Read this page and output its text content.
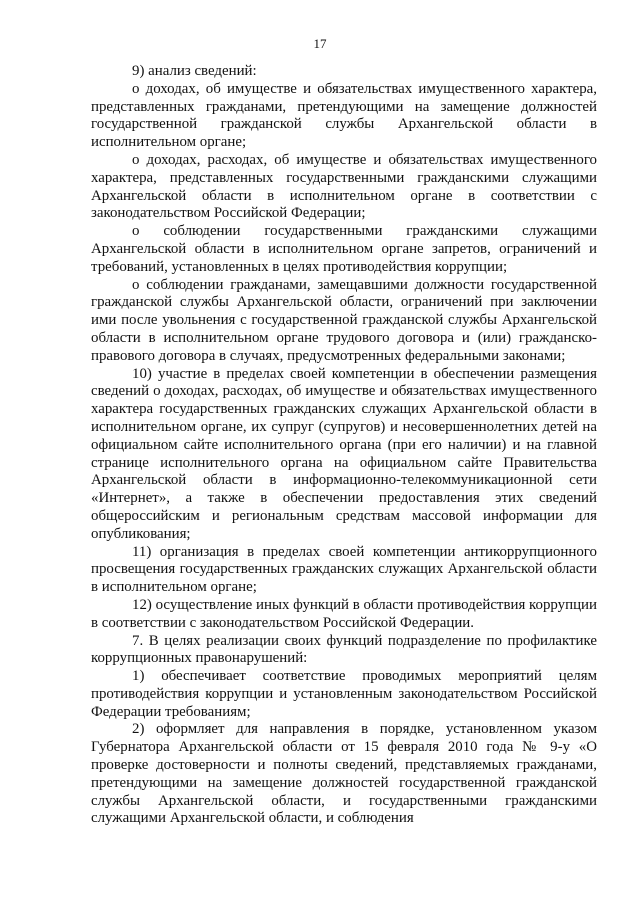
17

9) анализ сведений:

о доходах, об имуществе и обязательствах имущественного характера, представленных гражданами, претендующими на замещение должностей государственной гражданской службы Архангельской области в исполнительном органе;

о доходах, расходах, об имуществе и обязательствах имущественного характера, представленных государственными гражданскими служащими Архангельской области в исполнительном органе в соответствии с законодательством Российской Федерации;

о соблюдении государственными гражданскими служащими Архангельской области в исполнительном органе запретов, ограничений и требований, установленных в целях противодействия коррупции;

о соблюдении гражданами, замещавшими должности государственной гражданской службы Архангельской области, ограничений при заключении ими после увольнения с государственной гражданской службы Архангельской области в исполнительном органе трудового договора и (или) гражданско-правового договора в случаях, предусмотренных федеральными законами;

10) участие в пределах своей компетенции в обеспечении размещения сведений о доходах, расходах, об имуществе и обязательствах имущественного характера государственных гражданских служащих Архангельской области в исполнительном органе, их супруг (супругов) и несовершеннолетних детей на официальном сайте исполнительного органа (при его наличии) и на главной странице исполнительного органа на официальном сайте Правительства Архангельской области в информационно-телекоммуникационной сети «Интернет», а также в обеспечении предоставления этих сведений общероссийским и региональным средствам массовой информации для опубликования;

11) организация в пределах своей компетенции антикоррупционного просвещения государственных гражданских служащих Архангельской области в исполнительном органе;

12) осуществление иных функций в области противодействия коррупции в соответствии с законодательством Российской Федерации.

7. В целях реализации своих функций подразделение по профилактике коррупционных правонарушений:

1) обеспечивает соответствие проводимых мероприятий целям противодействия коррупции и установленным законодательством Российской Федерации требованиям;

2) оформляет для направления в порядке, установленном указом Губернатора Архангельской области от 15 февраля 2010 года № 9-у «О проверке достоверности и полноты сведений, представляемых гражданами, претендующими на замещение должностей государственной гражданской службы Архангельской области, и государственными гражданскими служащими Архангельской области, и соблюдения
